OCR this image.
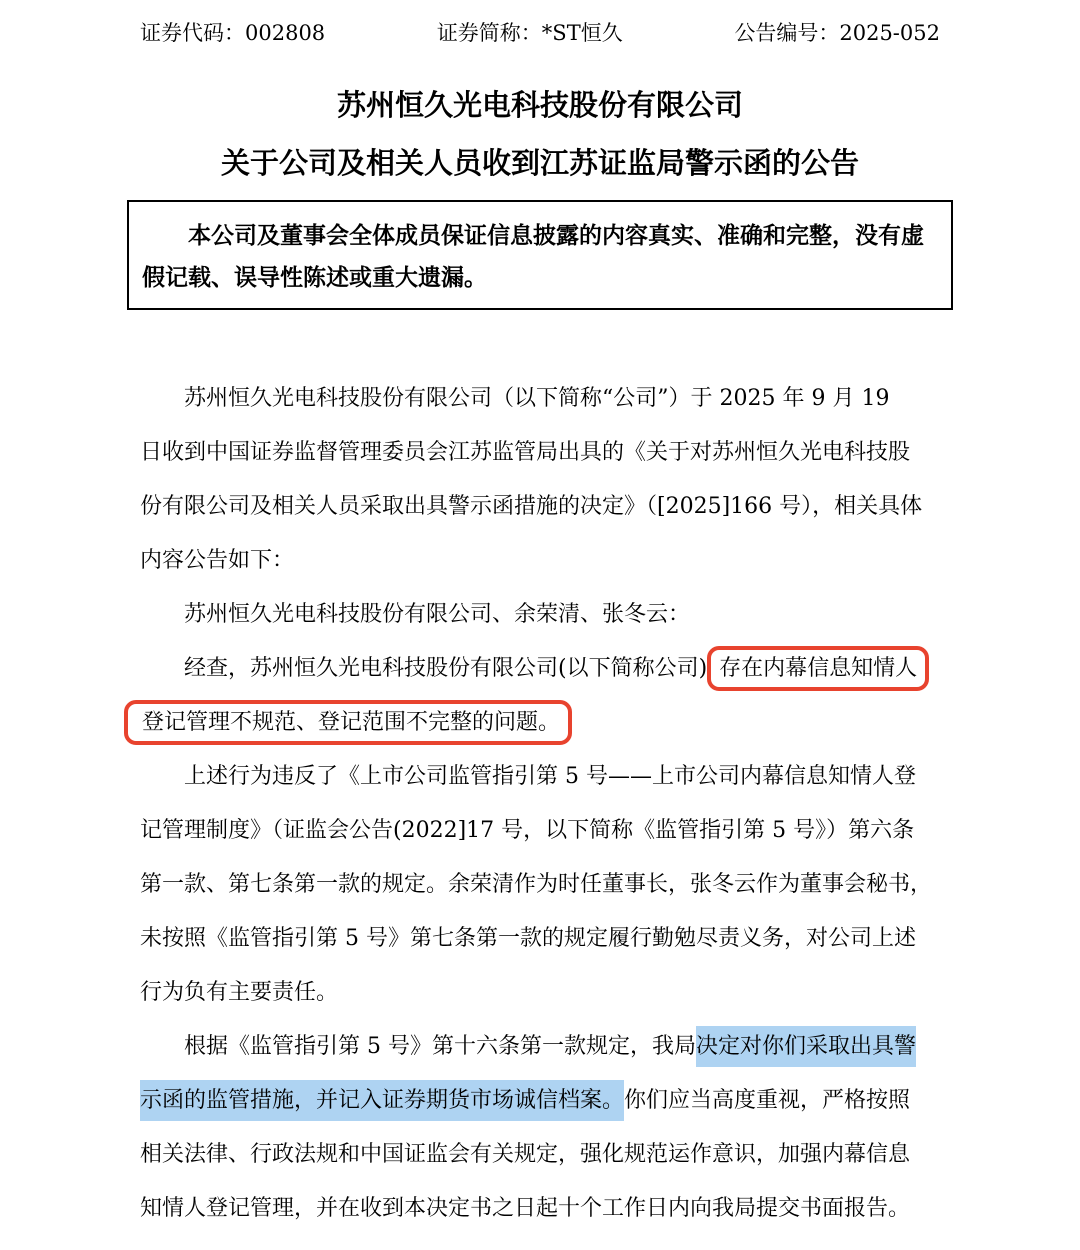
证券代码：002808	证券简称：*ST恒久	公告编号：2025-052
苏州恒久光电科技股份有限公司
关于公司及相关人员收到江苏证监局警示函的公告
本公司及董事会全体成员保证信息披露的内容真实、准确和完整，没有虚
假记载、误导性陈述或重大遗漏。
苏州恒久光电科技股份有限公司（以下简称“公司”）于 2025 年 9 月 19
日收到中国证券监督管理委员会江苏监管局出具的《关于对苏州恒久光电科技股
份有限公司及相关人员采取出具警示函措施的决定》（[2025]166 号），相关具体
内容公告如下：
苏州恒久光电科技股份有限公司、余荣清、张冬云：
经查，苏州恒久光电科技股份有限公司(以下简称公司) 存在内幕信息知情人
登记管理不规范、登记范围不完整的问题。
上述行为违反了《上市公司监管指引第 5 号——上市公司内幕信息知情人登
记管理制度》（证监会公告(2022]17 号，以下简称《监管指引第 5 号》）第六条
第一款、第七条第一款的规定。余荣清作为时任董事长，张冬云作为董事会秘书，
未按照《监管指引第 5 号》第七条第一款的规定履行勤勉尽责义务，对公司上述
行为负有主要责任。
根据《监管指引第 5 号》第十六条第一款规定，我局决定对你们采取出具警
示函的监管措施，并记入证券期货市场诚信档案。你们应当高度重视，严格按照
相关法律、行政法规和中国证监会有关规定，强化规范运作意识，加强内幕信息
知情人登记管理，并在收到本决定书之日起十个工作日内向我局提交书面报告。
